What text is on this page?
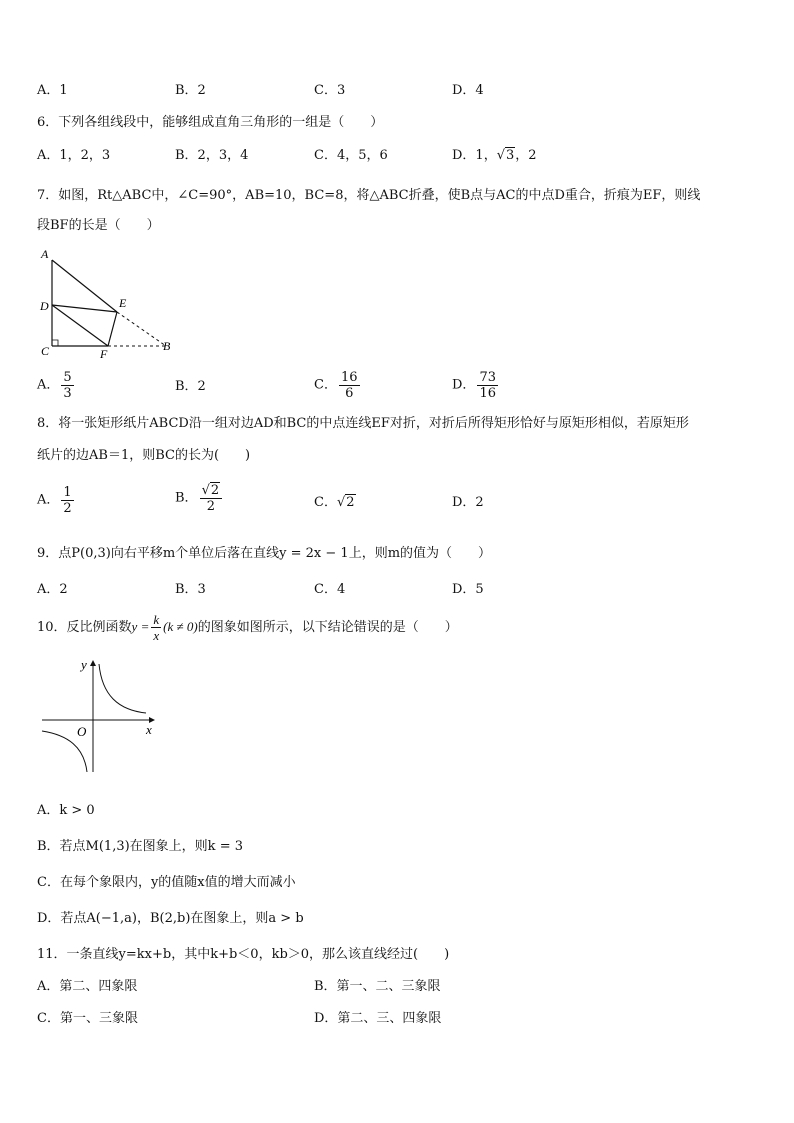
A．1	B．2	C．3	D．4
6．下列各组线段中，能够组成直角三角形的一组是（　　）
A．1，2，3	B．2，3，4	C．4，5，6	D．1，√3，2
7．如图，Rt△ABC中，∠C=90°，AB=10，BC=8，将△ABC折叠，使B点与AC的中点D重合，折痕为EF，则线
段BF的长是（　　）
A
D	E
C	F
B
A． $\frac{5}{3}$	B．2	C． $\frac{16}{6}$	D． $\frac{73}{16}$
8．将一张矩形纸片ABCD沿一组对边AD和BC的中点连线EF对折，对折后所得矩形恰好与原矩形相似，若原矩形
纸片的边AB＝1，则BC的长为(　　)
A． $\frac{1}{2}$	B． $\frac{√2}{2}$	C．√2	D．2
9．点P(0,3)向右平移m个单位后落在直线y = 2x − 1上，则m的值为（　　）
A．2	B．3	C．4	D．5
10．反比例函数$y = \frac{k}{x} (k \ne 0)$的图象如图所示，以下结论错误的是（　　）
y
O	x
A．k > 0
B．若点M(1,3)在图象上，则k = 3
C．在每个象限内，y的值随x值的增大而减小
D．若点A(−1,a)，B(2,b)在图象上，则a > b
11．一条直线y=kx+b，其中k+b＜0，kb＞0，那么该直线经过(　　)
A．第二、四象限	B．第一、二、三象限
C．第一、三象限	D．第二、三、四象限
